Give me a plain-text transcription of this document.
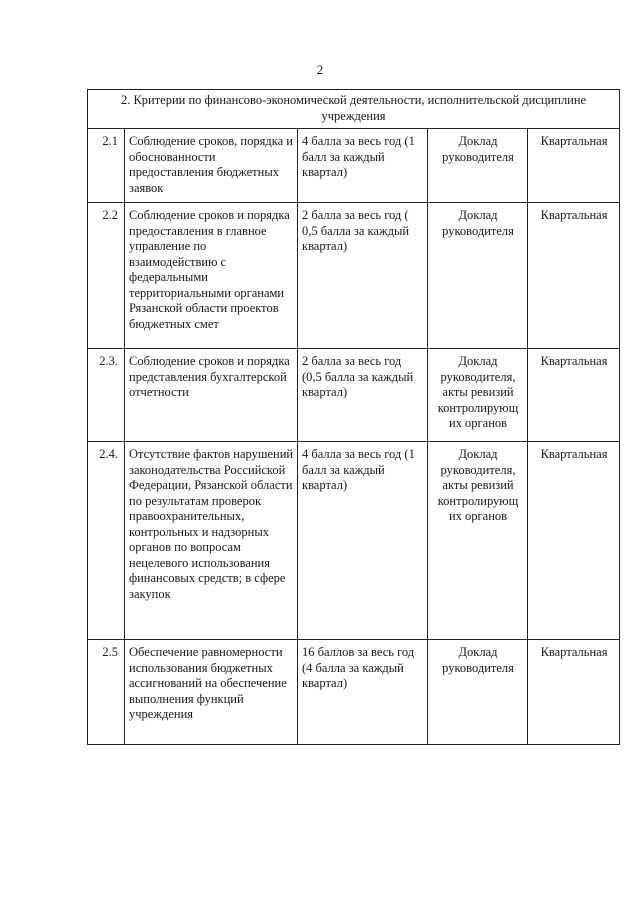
2
2. Критерии по финансово-экономической деятельности, исполнительской дисциплине учреждения				
2.1	Соблюдение сроков, порядка и обоснованности предоставления бюджетных заявок	4 балла за весь год (1 балл за каждый квартал)	Доклад руководителя	Квартальная
2.2	Соблюдение сроков и порядка предоставления в главное управление по взаимодействию с федеральными территориальными органами Рязанской области проектов бюджетных смет	2 балла за весь год ( 0,5 балла за каждый квартал)	Доклад руководителя	Квартальная
2.3.	Соблюдение сроков и порядка представления бухгалтерской отчетности	2 балла за весь год (0,5 балла за каждый квартал)	Доклад руководителя, акты ревизий контролирующ их органов	Квартальная
2.4.	Отсутствие фактов нарушений законодательства Российской Федерации, Рязанской области по результатам проверок правоохранительных, контрольных и надзорных органов по вопросам нецелевого использования финансовых средств; в сфере закупок	4 балла за весь год (1 балл за каждый квартал)	Доклад руководителя, акты ревизий контролирующ их органов	Квартальная
2.5	Обеспечение равномерности использования бюджетных ассигнований на обеспечение выполнения функций учреждения	16 баллов за весь год (4 балла за каждый квартал)	Доклад руководителя	Квартальная
